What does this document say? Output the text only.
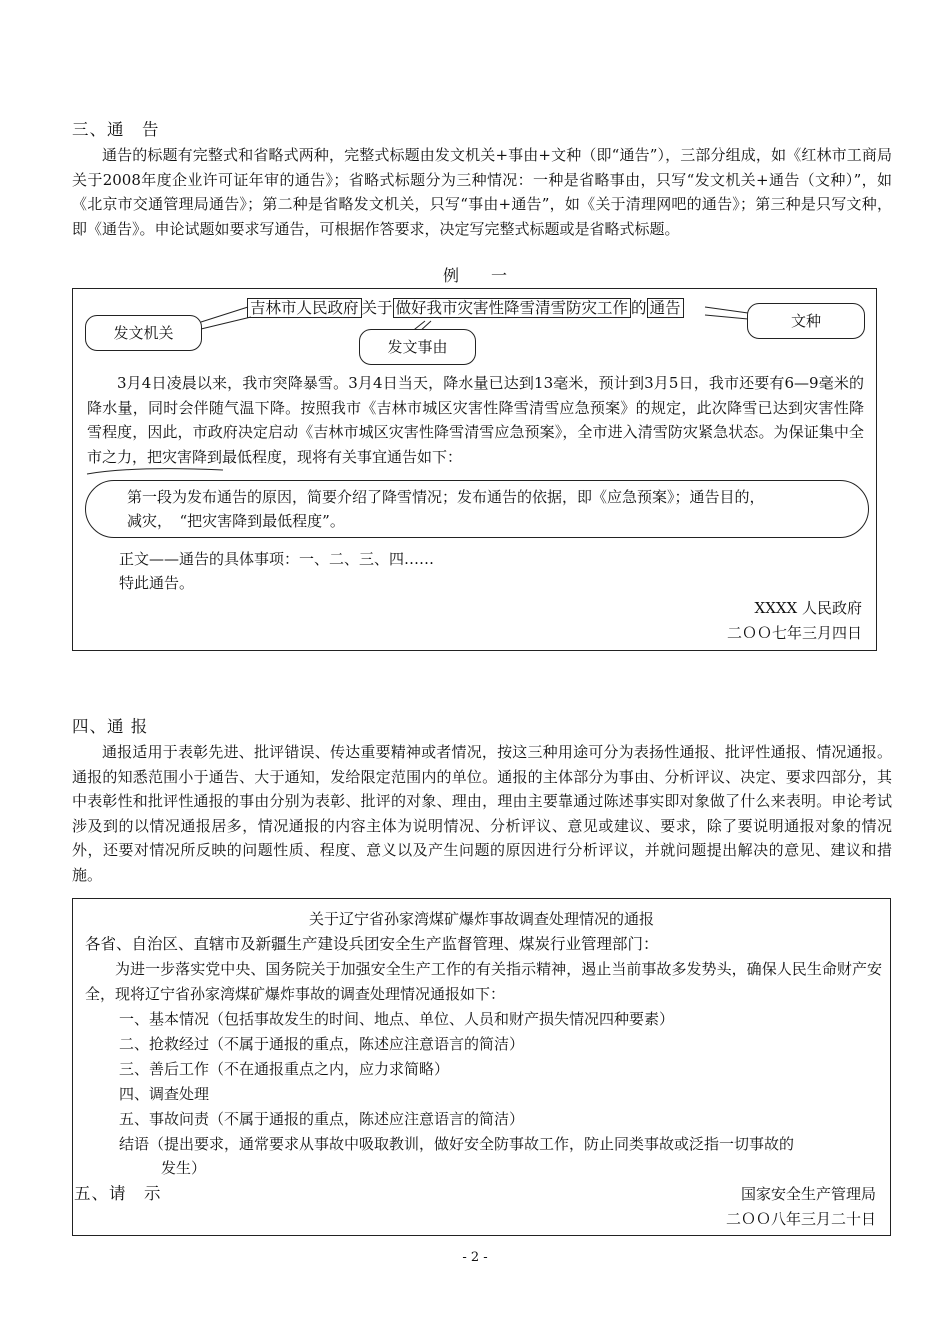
三、通　告

通告的标题有完整式和省略式两种，完整式标题由发文机关+事由+文种（即“通告”），三部分组成，如《红林市工商局关于2008年度企业许可证年审的通告》；省略式标题分为三种情况：一种是省略事由，只写“发文机关+通告（文种）”，如《北京市交通管理局通告》；第二种是省略发文机关，只写“事由+通告”，如《关于清理网吧的通告》；第三种是只写文种，即《通告》。申论试题如要求写通告，可根据作答要求，决定写完整式标题或是省略式标题。

例　　一
吉林市人民政府 关于 做好我市灾害性降雪清雪防灾工作 的 通告
发文机关
发文事由
文种

3月4日凌晨以来，我市突降暴雪。3月4日当天，降水量已达到13毫米，预计到3月5日，我市还要有6—9毫米的降水量，同时会伴随气温下降。按照我市《吉林市城区灾害性降雪清雪应急预案》的规定，此次降雪已达到灾害性降雪程度，因此，市政府决定启动《吉林市城区灾害性降雪清雪应急预案》，全市进入清雪防灾紧急状态。为保证集中全市之力，把灾害降到最低程度，现将有关事宜通告如下：

第一段为发布通告的原因，简要介绍了降雪情况；发布通告的依据，即《应急预案》；通告目的，
减灾，　“把灾害降到最低程度”。
正文——通告的具体事项：一、二、三、四……
特此通告。
XXXX 人民政府
二ＯＯ七年三月四日
四、通 报

通报适用于表彰先进、批评错误、传达重要精神或者情况，按这三种用途可分为表扬性通报、批评性通报、情况通报。通报的知悉范围小于通告、大于通知，发给限定范围内的单位。通报的主体部分为事由、分析评议、决定、要求四部分，其中表彰性和批评性通报的事由分别为表彰、批评的对象、理由，理由主要靠通过陈述事实即对象做了什么来表明。申论考试涉及到的以情况通报居多，情况通报的内容主体为说明情况、分析评议、意见或建议、要求，除了要说明通报对象的情况外，还要对情况所反映的问题性质、程度、意义以及产生问题的原因进行分析评议，并就问题提出解决的意见、建议和措施。

关于辽宁省孙家湾煤矿爆炸事故调查处理情况的通报
各省、自治区、直辖市及新疆生产建设兵团安全生产监督管理、煤炭行业管理部门：

为进一步落实党中央、国务院关于加强安全生产工作的有关指示精神，遏止当前事故多发势头，确保人民生命财产安全，现将辽宁省孙家湾煤矿爆炸事故的调查处理情况通报如下：

一、基本情况（包括事故发生的时间、地点、单位、人员和财产损失情况四种要素）
二、抢救经过（不属于通报的重点，陈述应注意语言的简洁）
三、善后工作（不在通报重点之内，应力求简略）
四、调查处理
五、事故问责（不属于通报的重点，陈述应注意语言的简洁）
结语（提出要求，通常要求从事故中吸取教训，做好安全防事故工作，防止同类事故或泛指一切事故的
发生）
五、请　示	国家安全生产管理局
二ＯＯ八年三月二十日
- 2 -
